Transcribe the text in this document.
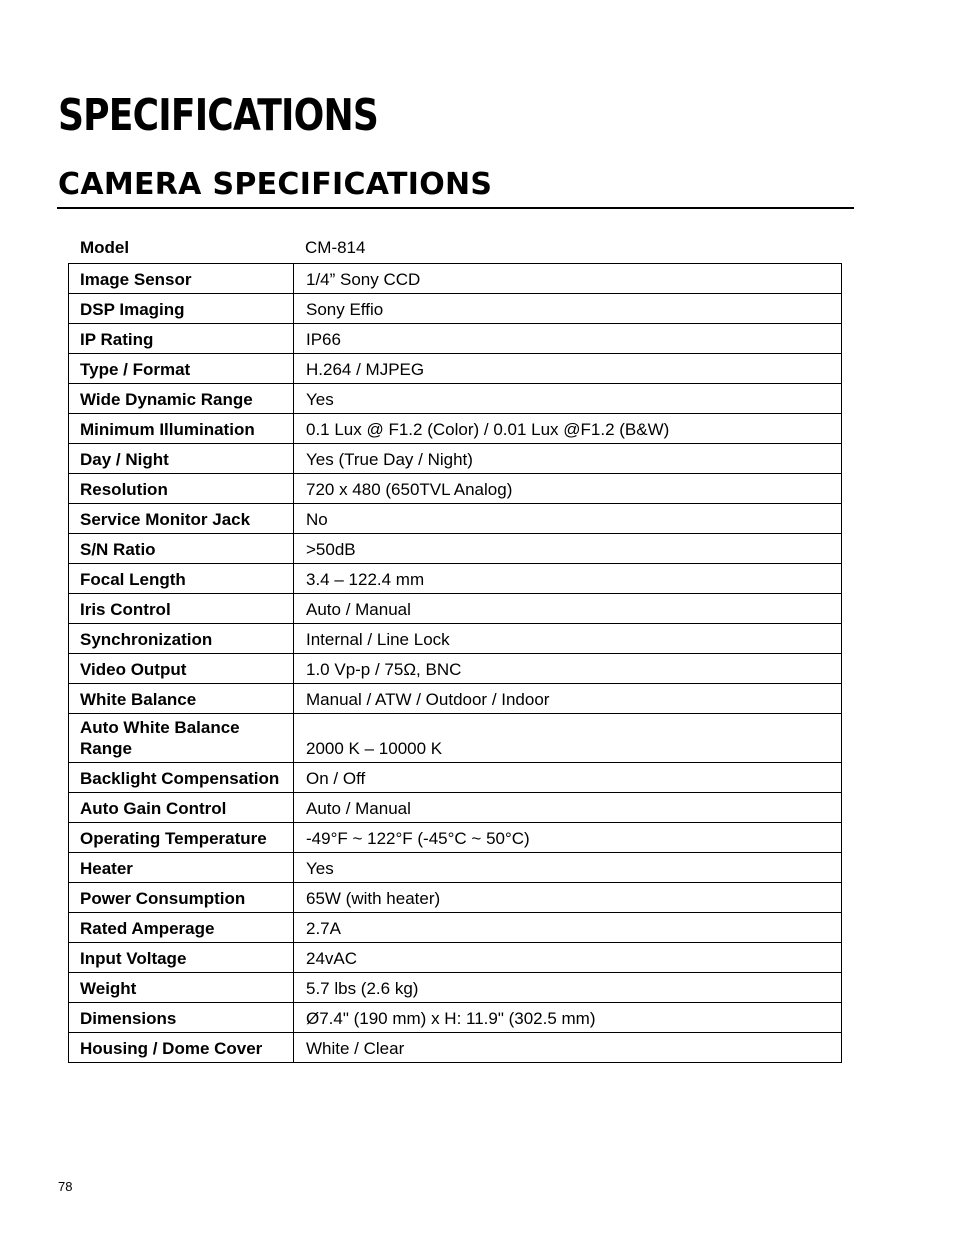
SPECIFICATIONS
CAMERA SPECIFICATIONS
Model	CM-814
Image Sensor	1/4” Sony CCD
DSP Imaging	Sony Effio
IP Rating	IP66
Type / Format	H.264 / MJPEG
Wide Dynamic Range	Yes
Minimum Illumination	0.1 Lux @ F1.2 (Color) / 0.01 Lux @F1.2 (B&W)
Day / Night	Yes (True Day / Night)
Resolution	720 x 480 (650TVL Analog)
Service Monitor Jack	No
S/N Ratio	>50dB
Focal Length	3.4 – 122.4 mm
Iris Control	Auto / Manual
Synchronization	Internal / Line Lock
Video Output	1.0 Vp-p / 75Ω, BNC
White Balance	Manual / ATW / Outdoor / Indoor
Auto White Balance Range	2000 K – 10000 K
Backlight Compensation	On / Off
Auto Gain Control	Auto / Manual
Operating Temperature	-49°F ~ 122°F (-45°C ~ 50°C)
Heater	Yes
Power Consumption	65W (with heater)
Rated Amperage	2.7A
Input Voltage	24vAC
Weight	5.7 lbs (2.6 kg)
Dimensions	Ø7.4" (190 mm) x H: 11.9" (302.5 mm)
Housing / Dome Cover	White / Clear
78
